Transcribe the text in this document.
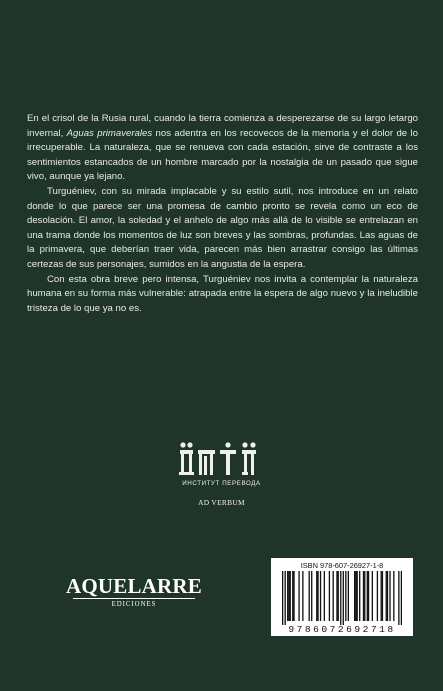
En el crisol de la Rusia rural, cuando la tierra comienza a desperezarse de su largo letargo invernal, Aguas primaverales nos adentra en los recovecos de la memoria y el dolor de lo irrecuperable. La naturaleza, que se renueva con cada estación, sirve de contraste a los sentimientos estancados de un hombre marcado por la nostalgia de un pasado que sigue vivo, aunque ya lejano.

Turguéniev, con su mirada implacable y su estilo sutil, nos introduce en un relato donde lo que parece ser una promesa de cambio pronto se revela como un eco de desolación. El amor, la soledad y el anhelo de algo más allá de lo visible se entrelazan en una trama donde los momentos de luz son breves y las sombras, profundas. Las aguas de la primavera, que deberían traer vida, parecen más bien arrastrar consigo las últimas certezas de sus personajes, sumidos en la angustia de la espera.

Con esta obra breve pero intensa, Turguéniev nos invita a contemplar la naturaleza humana en su forma más vulnerable: atrapada entre la espera de algo nuevo y la ineludible tristeza de lo que ya no es.

ИНСТИТУТ ПЕРЕВОДА
AD VERBUM
AQUELARRE
EDICIONES
ISBN 978-607-26927-1-8
9786072692718
